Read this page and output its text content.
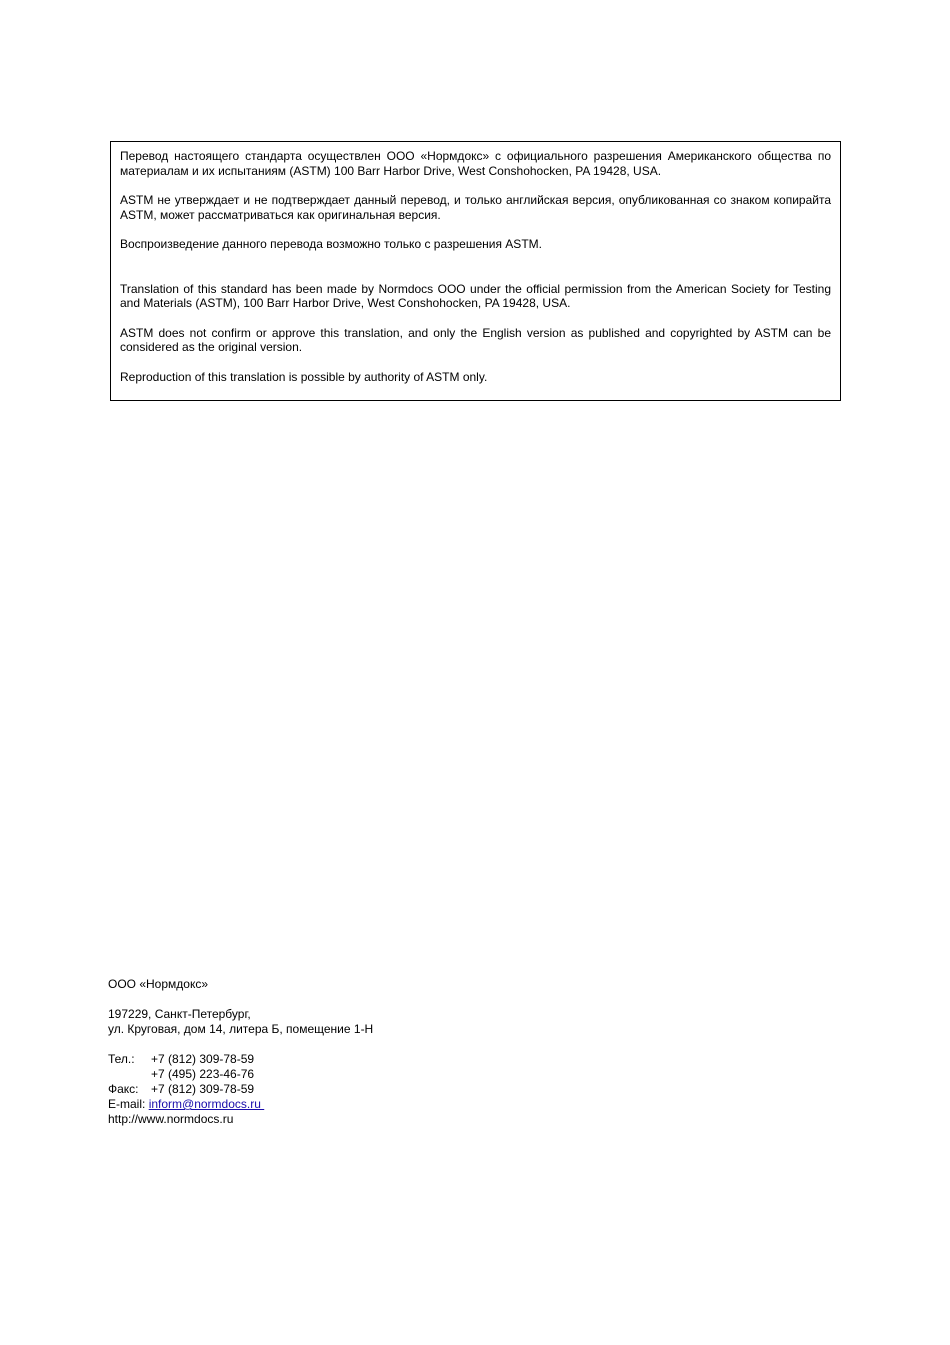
Перевод настоящего стандарта осуществлен ООО «Нормдокс» с официального разрешения Американского общества по материалам и их испытаниям (ASTM) 100 Barr Harbor Drive, West Conshohocken, PA 19428, USA.

ASTM не утверждает и не подтверждает данный перевод, и только английская версия, опубликованная со знаком копирайта ASTM, может рассматриваться как оригинальная версия.

Воспроизведение данного перевода возможно только с разрешения ASTM.

Translation of this standard has been made by Normdocs OOO under the official permission from the American Society for Testing and Materials (ASTM), 100 Barr Harbor Drive, West Conshohocken, PA 19428, USA.

ASTM does not confirm or approve this translation, and only the English version as published and copyrighted by ASTM can be considered as the original version.

Reproduction of this translation is possible by authority of ASTM only.

ООО «Нормдокс»
197229, Санкт-Петербург,
ул. Круговая, дом 14, литера Б, помещение 1-Н
Тел.: +7 (812) 309-78-59
+7 (495) 223-46-76
Факс: +7 (812) 309-78-59
E-mail: inform@normdocs.ru
http://www.normdocs.ru
